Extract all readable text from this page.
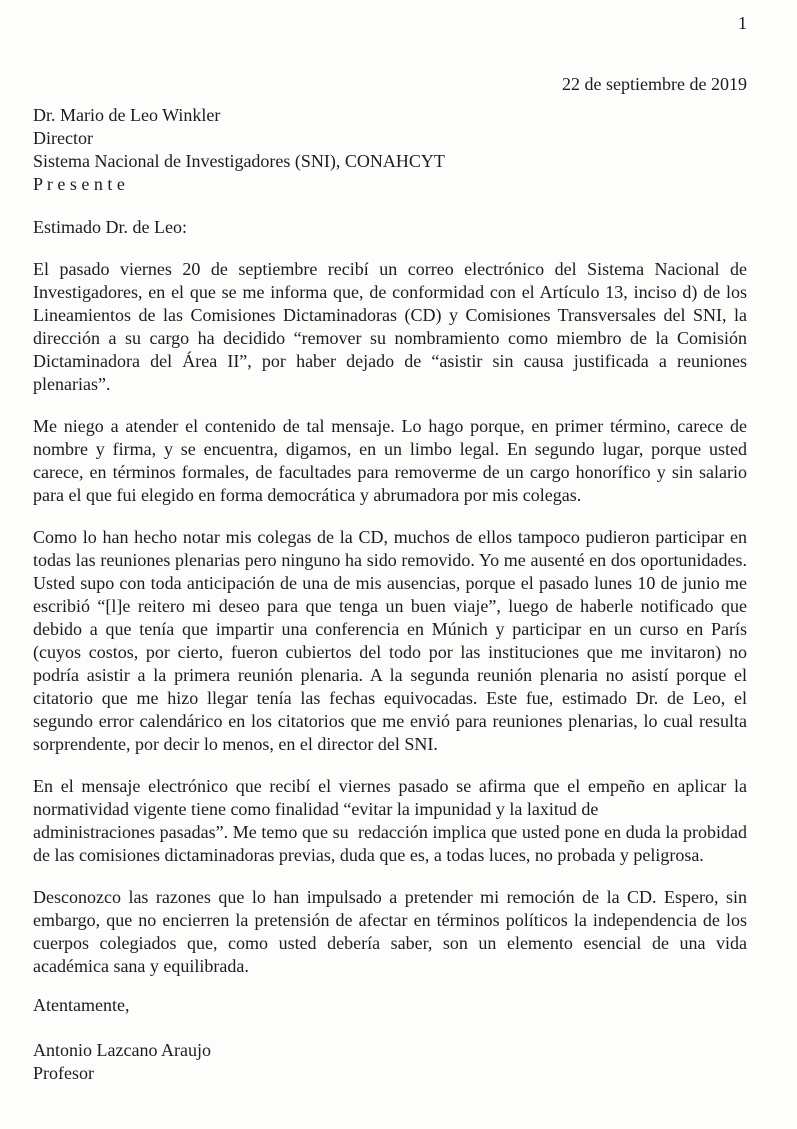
1
22 de septiembre de 2019
Dr. Mario de Leo Winkler
Director
Sistema Nacional de Investigadores (SNI), CONAHCYT
P r e s e n t e
Estimado Dr. de Leo:
El pasado viernes 20 de septiembre recibí un correo electrónico del Sistema Nacional de Investigadores, en el que se me informa que, de conformidad con el Artículo 13, inciso d) de los Lineamientos de las Comisiones Dictaminadoras (CD) y Comisiones Transversales del SNI, la dirección a su cargo ha decidido “remover su nombramiento como miembro de la Comisión Dictaminadora del Área II”, por haber dejado de “asistir sin causa justificada a reuniones plenarias”.
Me niego a atender el contenido de tal mensaje. Lo hago porque, en primer término, carece de nombre y firma, y se encuentra, digamos, en un limbo legal. En segundo lugar, porque usted carece, en términos formales, de facultades para removerme de un cargo honorífico y sin salario para el que fui elegido en forma democrática y abrumadora por mis colegas.
Como lo han hecho notar mis colegas de la CD, muchos de ellos tampoco pudieron participar en todas las reuniones plenarias pero ninguno ha sido removido. Yo me ausenté en dos oportunidades. Usted supo con toda anticipación de una de mis ausencias, porque el pasado lunes 10 de junio me escribió “[l]e reitero mi deseo para que tenga un buen viaje”, luego de haberle notificado que debido a que tenía que impartir una conferencia en Múnich y participar en un curso en París (cuyos costos, por cierto, fueron cubiertos del todo por las instituciones que me invitaron) no podría asistir a la primera reunión plenaria. A la segunda reunión plenaria no asistí porque el citatorio que me hizo llegar tenía las fechas equivocadas. Este fue, estimado Dr. de Leo, el segundo error calendárico en los citatorios que me envió para reuniones plenarias, lo cual resulta sorprendente, por decir lo menos, en el director del SNI.
En el mensaje electrónico que recibí el viernes pasado se afirma que el empeño en aplicar la normatividad vigente tiene como finalidad “evitar la impunidad y la laxitud de
administraciones pasadas”. Me temo que su  redacción implica que usted pone en duda la probidad de las comisiones dictaminadoras previas, duda que es, a todas luces, no probada y peligrosa.
Desconozco las razones que lo han impulsado a pretender mi remoción de la CD. Espero, sin embargo, que no encierren la pretensión de afectar en términos políticos la independencia de los cuerpos colegiados que, como usted debería saber, son un elemento esencial de una vida académica sana y equilibrada.
Atentamente,
Antonio Lazcano Araujo
Profesor
